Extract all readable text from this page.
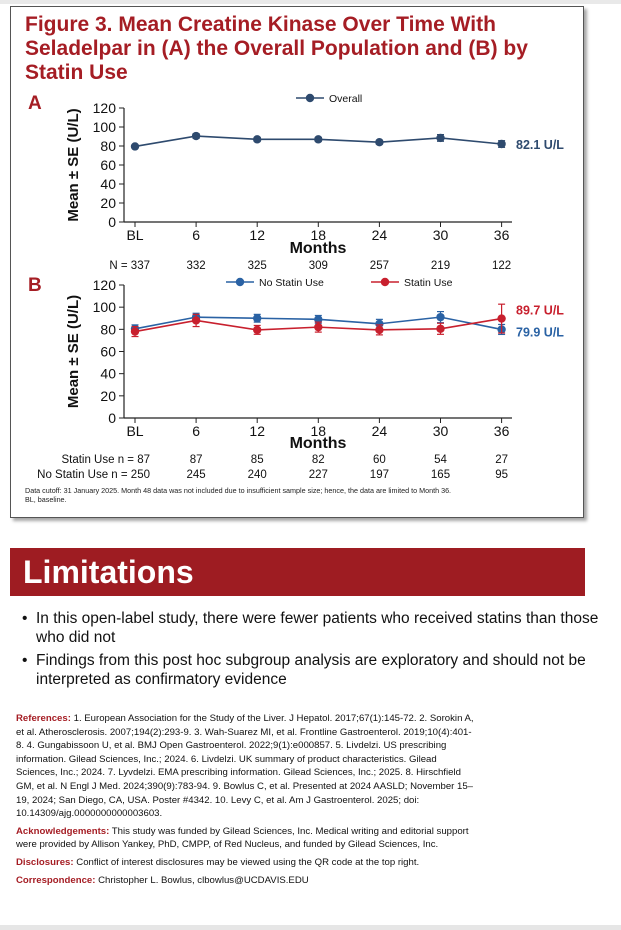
Figure 3. Mean Creatine Kinase Over Time With Seladelpar in (A) the Overall Population and (B) by Statin Use
Data cutoff: 31 January 2025. Month 48 data was not included due to insufficient sample size; hence, the data are limited to Month 36.
BL, baseline.
A
0
20
40
60
80
100
120
Mean ± SE (U/L)
BL	6	12	18	24	30	36
Months
N = 337	332	325	309	257	219	122
Overall
82.1 U/L
B
0
20
40
60
80
100
120
Mean ± SE (U/L)
BL	6	12	18	24	30	36
Months
Statin Use n = 87	87	85	82	60	54	27
No Statin Use n = 250	245	240	227	197	165	95
No Statin Use	Statin Use
79.9 U/L
89.7 U/L
Limitations
• In this open-label study, there were fewer patients who received statins than those who did not
• Findings from this post hoc subgroup analysis are exploratory and should not be interpreted as confirmatory evidence

References: 1. European Association for the Study of the Liver. J Hepatol. 2017;67(1):145-72. 2. Sorokin A, et al. Atherosclerosis. 2007;194(2):293-9. 3. Wah-Suarez MI, et al. Frontline Gastroenterol. 2019;10(4):401-8. 4. Gungabissoon U, et al. BMJ Open Gastroenterol. 2022;9(1):e000857. 5. Livdelzi. US prescribing information. Gilead Sciences, Inc.; 2024. 6. Livdelzi. UK summary of product characteristics. Gilead Sciences, Inc.; 2024. 7. Lyvdelzi. EMA prescribing information. Gilead Sciences, Inc.; 2025. 8. Hirschfield GM, et al. N Engl J Med. 2024;390(9):783-94. 9. Bowlus C, et al. Presented at 2024 AASLD; November 15–19, 2024; San Diego, CA, USA. Poster #4342. 10. Levy C, et al. Am J Gastroenterol. 2025; doi: 10.14309/ajg.0000000000003603.

Acknowledgements: This study was funded by Gilead Sciences, Inc. Medical writing and editorial support were provided by Allison Yankey, PhD, CMPP, of Red Nucleus, and funded by Gilead Sciences, Inc.

Disclosures: Conflict of interest disclosures may be viewed using the QR code at the top right.

Correspondence: Christopher L. Bowlus, clbowlus@UCDAVIS.EDU
